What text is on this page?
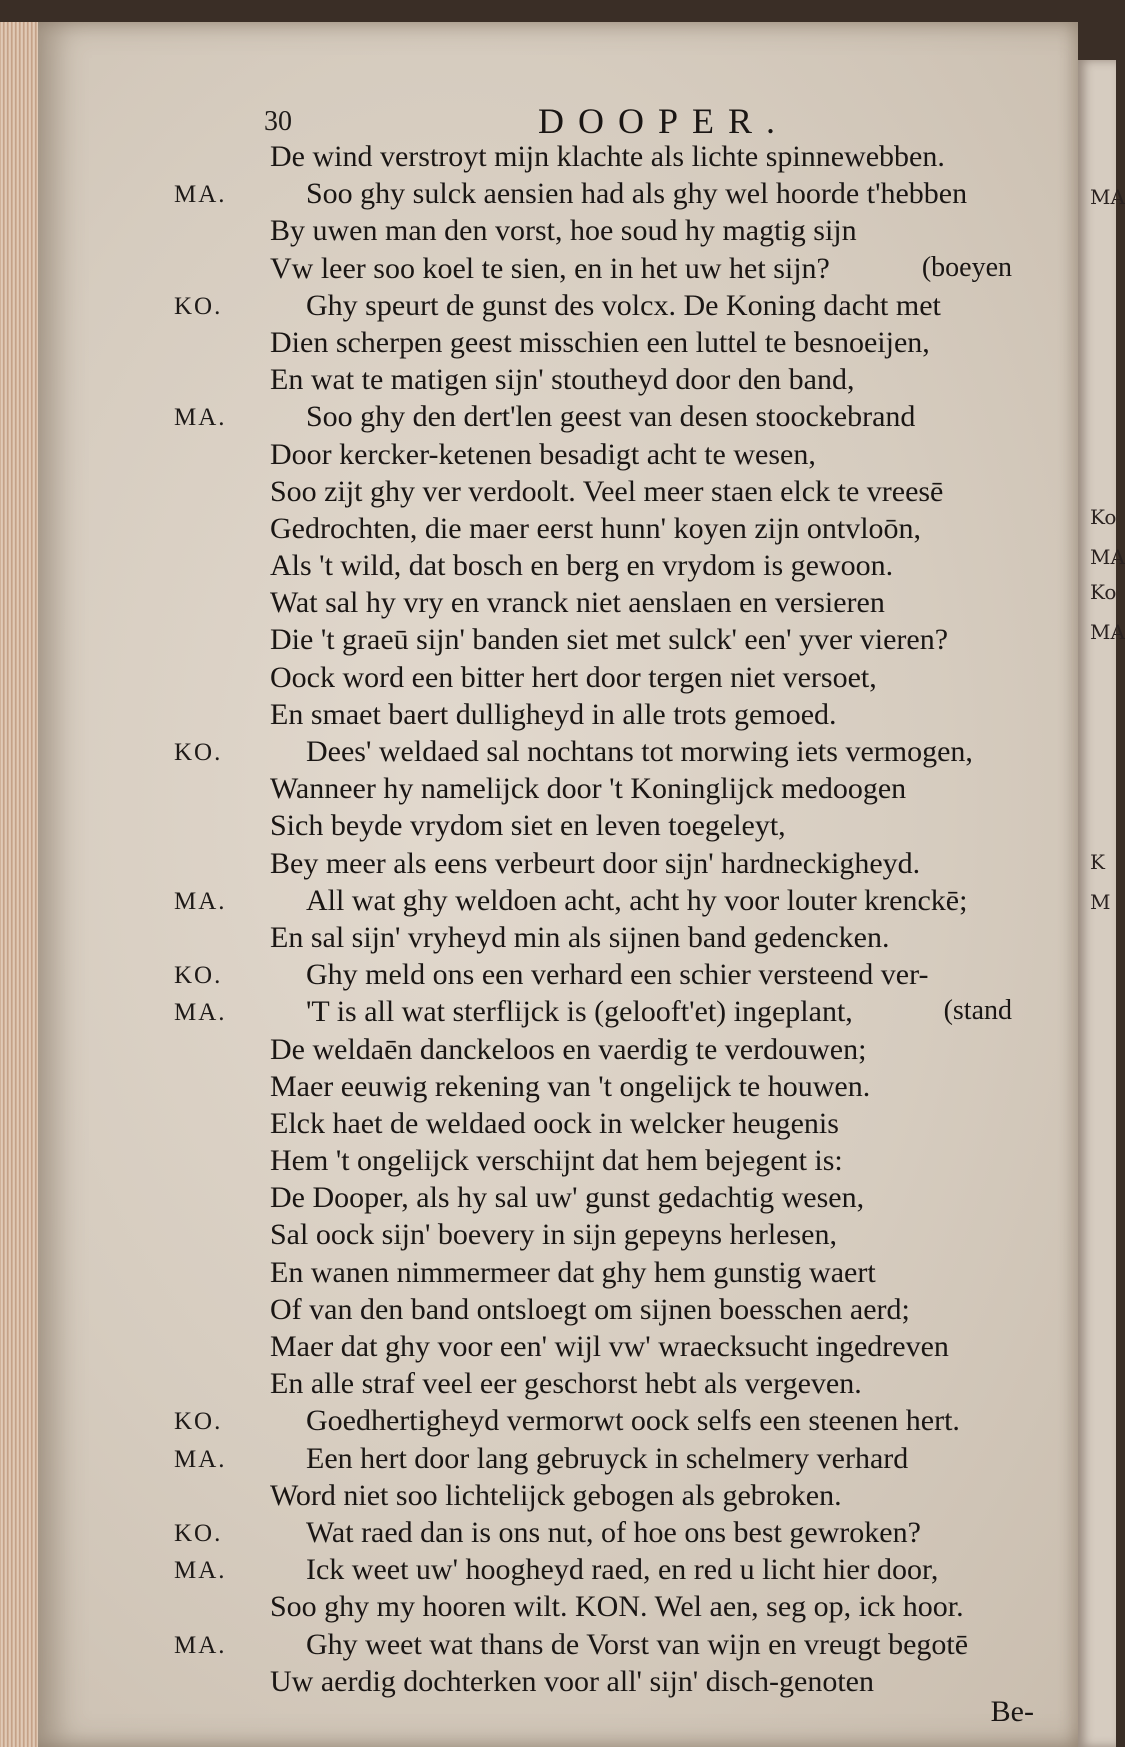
30	DOOPER.
De wind verstroyt mijn klachte als lichte spinnewebben.
MA.	Soo ghy sulck aensien had als ghy wel hoorde t'hebben
By uwen man den vorst, hoe soud hy magtig sijn
Vw leer soo koel te sien, en in het uw het sijn?	(boeyen
KO.	Ghy speurt de gunst des volcx. De Koning dacht met
Dien scherpen geest misschien een luttel te besnoeijen,
En wat te matigen sijn' stoutheyd door den band,
MA.	Soo ghy den dert'len geest van desen stoockebrand
Door kercker-ketenen besadigt acht te wesen,
Soo zijt ghy ver verdoolt. Veel meer staen elck te vreesē
Gedrochten, die maer eerst hunn' koyen zijn ontvloōn,
Als 't wild, dat bosch en berg en vrydom is gewoon.
Wat sal hy vry en vranck niet aenslaen en versieren
Die 't graeū sijn' banden siet met sulck' een' yver vieren?
Oock word een bitter hert door tergen niet versoet,
En smaet baert dulligheyd in alle trots gemoed.
KO.	Dees' weldaed sal nochtans tot morwing iets vermogen,
Wanneer hy namelijck door 't Koninglijck medoogen
Sich beyde vrydom siet en leven toegeleyt,
Bey meer als eens verbeurt door sijn' hardneckigheyd.
MA.	All wat ghy weldoen acht, acht hy voor louter krenckē;
En sal sijn' vryheyd min als sijnen band gedencken.
KO.	Ghy meld ons een verhard een schier versteend ver-
MA.	'T is all wat sterflijck is (gelooft'et) ingeplant,	(stand
De weldaēn danckeloos en vaerdig te verdouwen;
Maer eeuwig rekening van 't ongelijck te houwen.
Elck haet de weldaed oock in welcker heugenis
Hem 't ongelijck verschijnt dat hem bejegent is:
De Dooper, als hy sal uw' gunst gedachtig wesen,
Sal oock sijn' boevery in sijn gepeyns herlesen,
En wanen nimmermeer dat ghy hem gunstig waert
Of van den band ontsloegt om sijnen boesschen aerd;
Maer dat ghy voor een' wijl vw' wraecksucht ingedreven
En alle straf veel eer geschorst hebt als vergeven.
KO.	Goedhertigheyd vermorwt oock selfs een steenen hert.
MA.	Een hert door lang gebruyck in schelmery verhard
Word niet soo lichtelijck gebogen als gebroken.
KO.	Wat raed dan is ons nut, of hoe ons best gewroken?
MA.	Ick weet uw' hoogheyd raed, en red u licht hier door,
Soo ghy my hooren wilt. KON. Wel aen, seg op, ick hoor.
MA.	Ghy weet wat thans de Vorst van wijn en vreugt begotē
Uw aerdig dochterken voor all' sijn' disch-genoten
Be-
MA
Ko
MA
Ko
MA
K
M
